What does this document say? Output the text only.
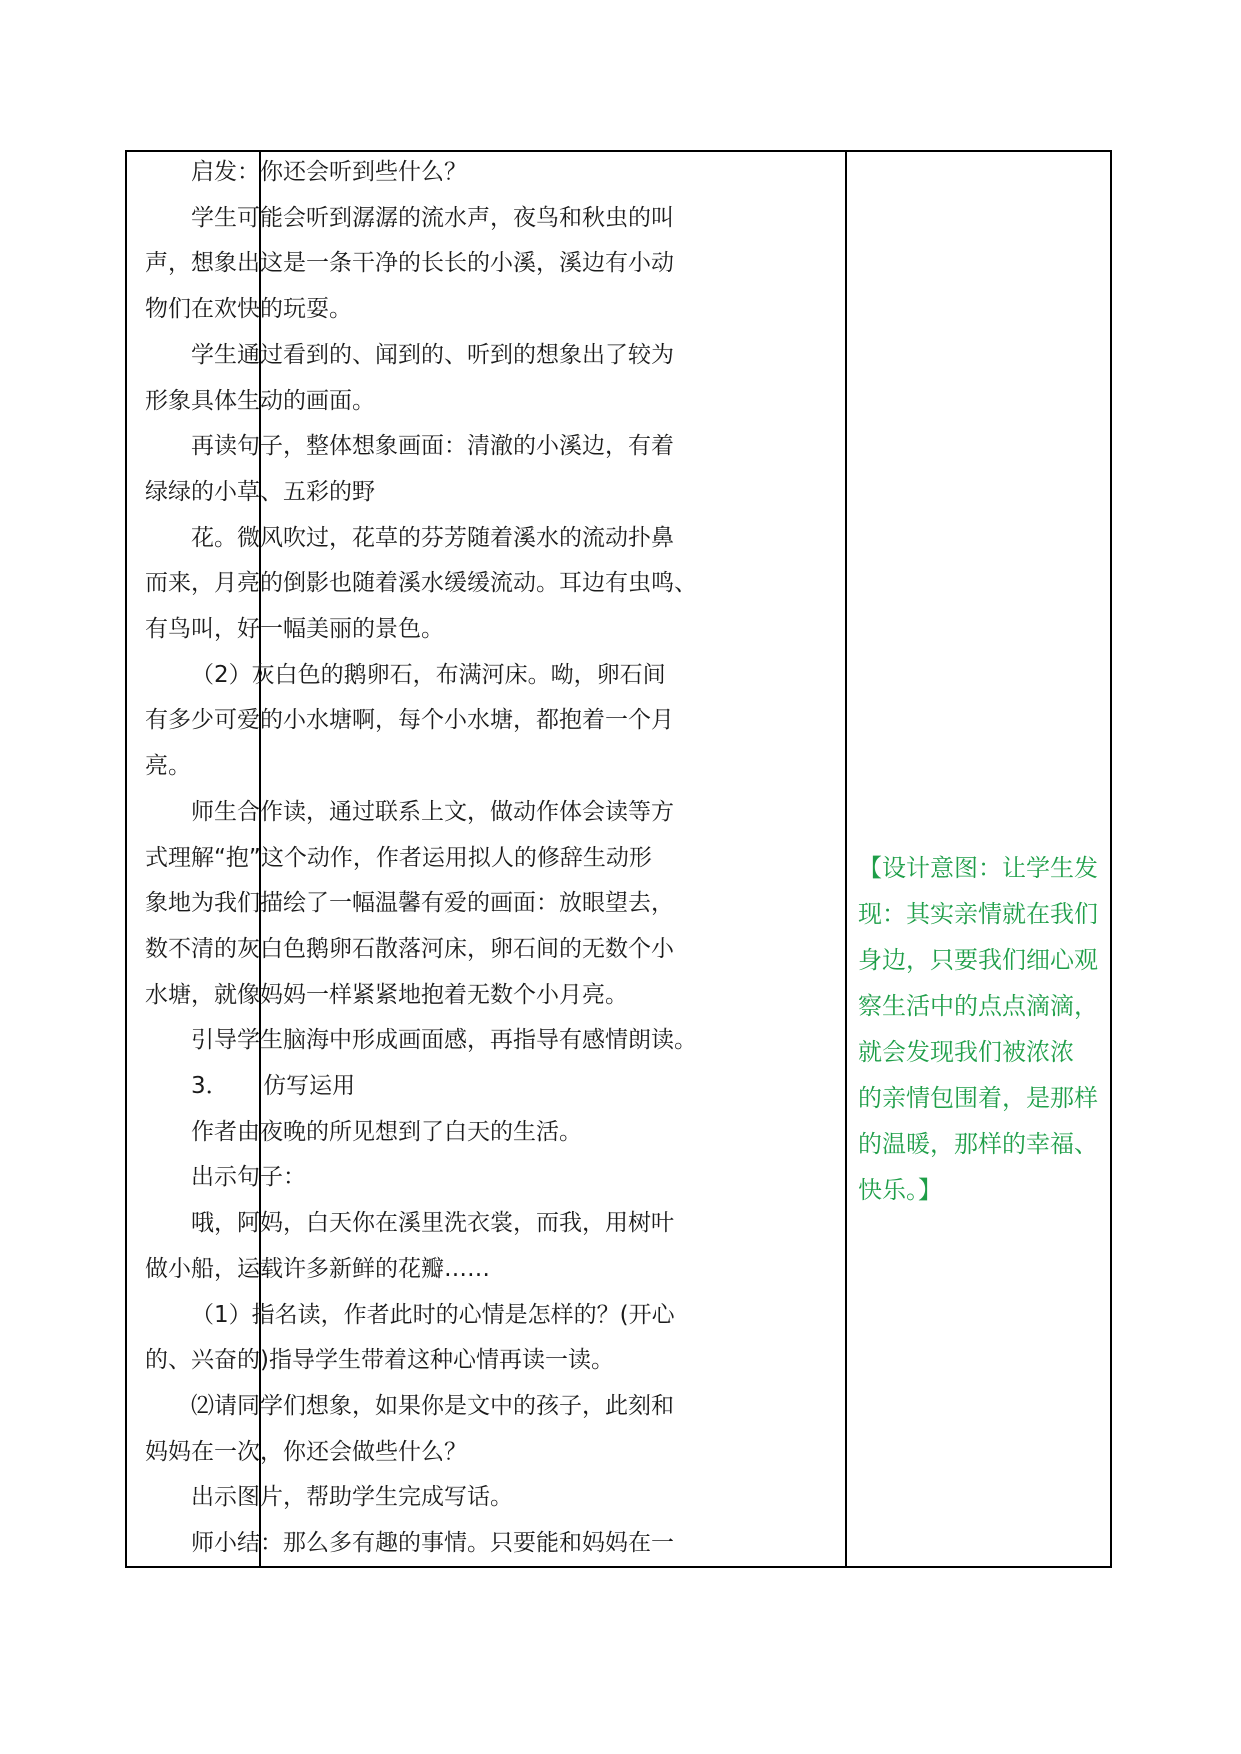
启发：你还会听到些什么？
学生可能会听到潺潺的流水声，夜鸟和秋虫的叫
声，想象出这是一条干净的长长的小溪，溪边有小动
物们在欢快的玩耍。
学生通过看到的、闻到的、听到的想象出了较为
形象具体生动的画面。
再读句子，整体想象画面：清澈的小溪边，有着
绿绿的小草、五彩的野
花。微风吹过，花草的芬芳随着溪水的流动扑鼻
而来，月亮的倒影也随着溪水缓缓流动。耳边有虫鸣、
有鸟叫，好一幅美丽的景色。
（2）灰白色的鹅卵石，布满河床。呦，卵石间
有多少可爱的小水塘啊，每个小水塘，都抱着一个月
亮。
师生合作读，通过联系上文，做动作体会读等方
式理解“抱”这个动作，作者运用拟人的修辞生动形
象地为我们描绘了一幅温馨有爱的画面：放眼望去，
数不清的灰白色鹅卵石散落河床，卵石间的无数个小
水塘，就像妈妈一样紧紧地抱着无数个小月亮。
引导学生脑海中形成画面感，再指导有感情朗读。
3．　　仿写运用
作者由夜晚的所见想到了白天的生活。
出示句子：
哦，阿妈，白天你在溪里洗衣裳，而我，用树叶
做小船，运载许多新鲜的花瓣……
（1）指名读，作者此时的心情是怎样的？(开心
的、兴奋的)指导学生带着这种心情再读一读。
⑵请同学们想象，如果你是文中的孩子，此刻和
妈妈在一次，你还会做些什么？
出示图片，帮助学生完成写话。
师小结：那么多有趣的事情。只要能和妈妈在一
【设计意图：让学生发
现：其实亲情就在我们
身边，只要我们细心观
察生活中的点点滴滴，
就会发现我们被浓浓
的亲情包围着，是那样
的温暖，那样的幸福、
快乐。】
